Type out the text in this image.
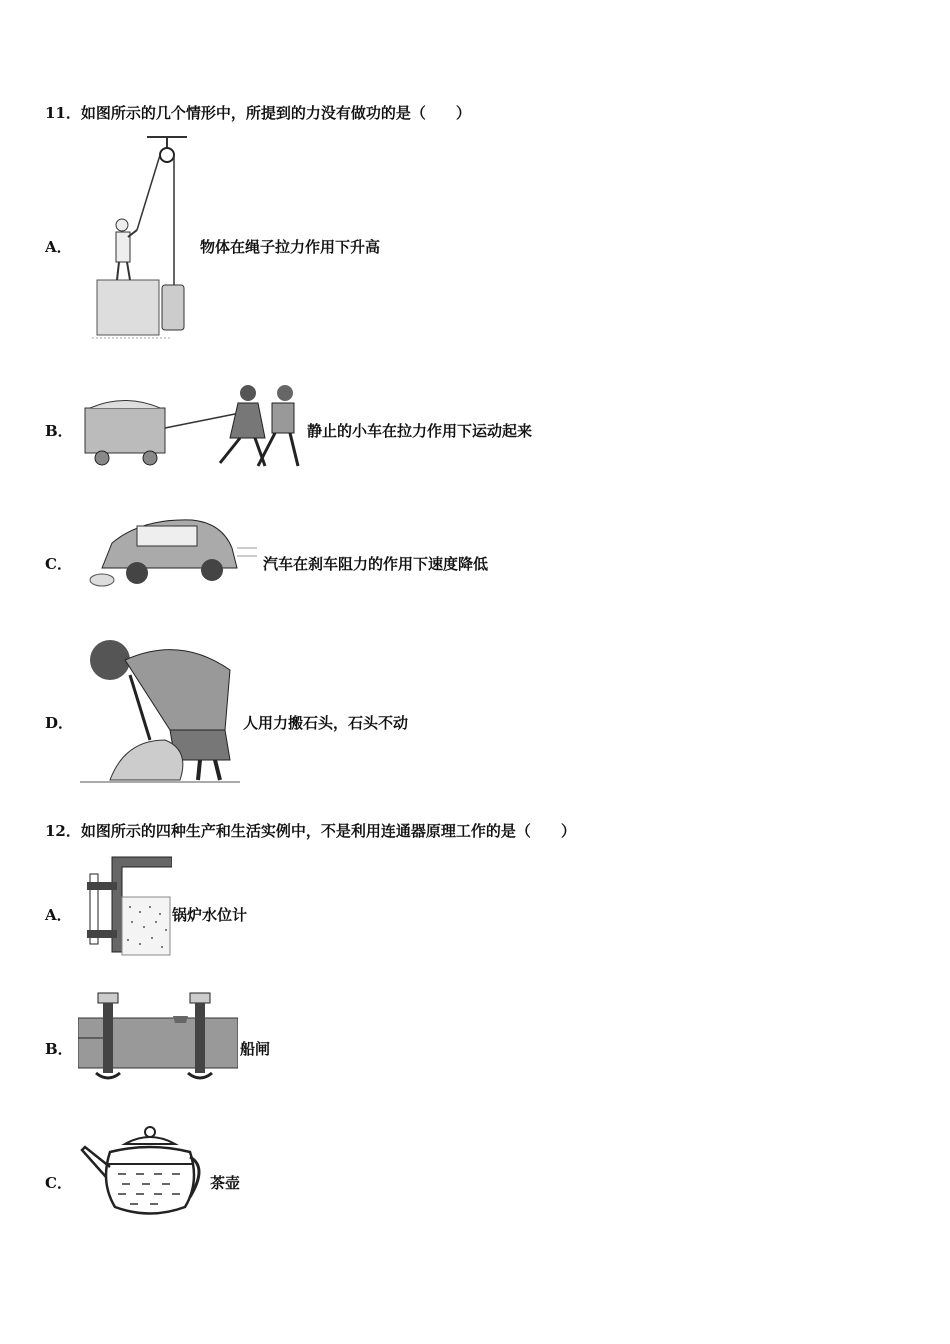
11．如图所示的几个情形中，所提到的力没有做功的是（　　）
A．	物体在绳子拉力作用下升高
B．	静止的小车在拉力作用下运动起来
C．	汽车在刹车阻力的作用下速度降低
D．	人用力搬石头，石头不动
12．如图所示的四种生产和生活实例中，不是利用连通器原理工作的是（　　）
A．	锅炉水位计
B．	船闸
C．	茶壶
